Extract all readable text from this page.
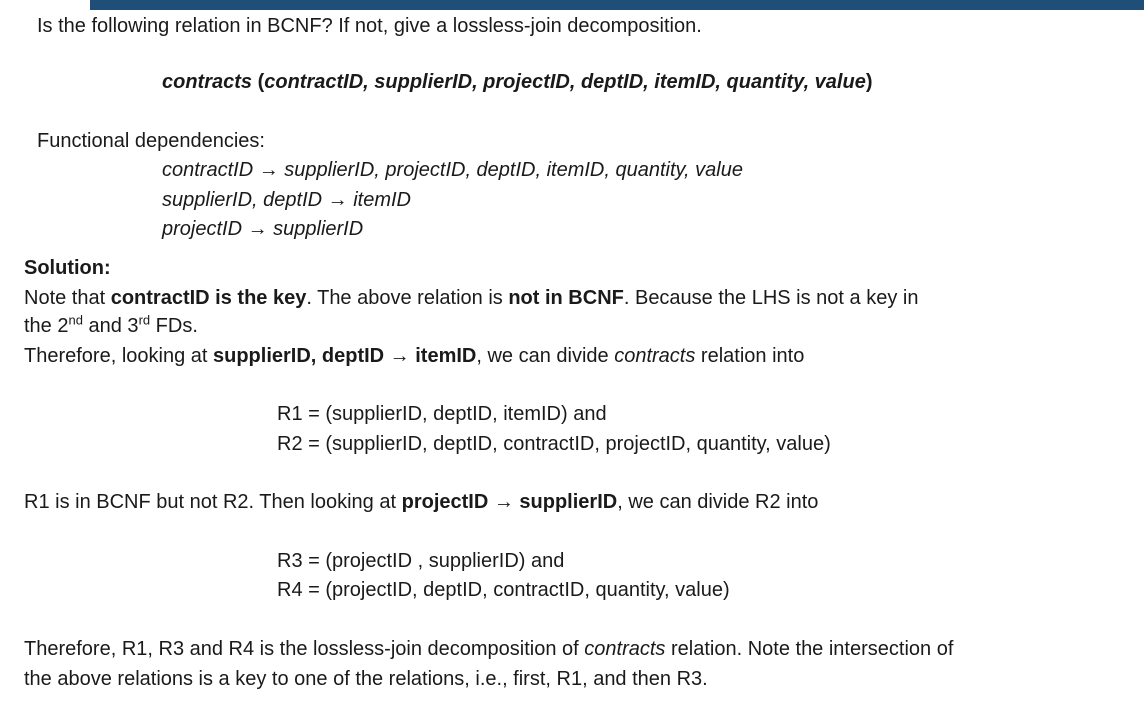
Is the following relation in BCNF? If not, give a lossless-join decomposition.
contracts (contractID, supplierID, projectID, deptID, itemID, quantity, value)
Functional dependencies:
contractID → supplierID, projectID, deptID, itemID, quantity, value
supplierID, deptID → itemID
projectID → supplierID
Solution:
Note that contractID is the key. The above relation is not in BCNF. Because the LHS is not a key in
the 2nd and 3rd FDs.
Therefore, looking at supplierID, deptID → itemID, we can divide contracts relation into
R1 = (supplierID, deptID, itemID) and
R2 = (supplierID, deptID, contractID, projectID, quantity, value)
R1 is in BCNF but not R2. Then looking at projectID → supplierID, we can divide R2 into
R3 = (projectID , supplierID) and
R4 = (projectID, deptID, contractID, quantity, value)
Therefore, R1, R3 and R4 is the lossless-join decomposition of contracts relation. Note the intersection of
the above relations is a key to one of the relations, i.e., first, R1, and then R3.
